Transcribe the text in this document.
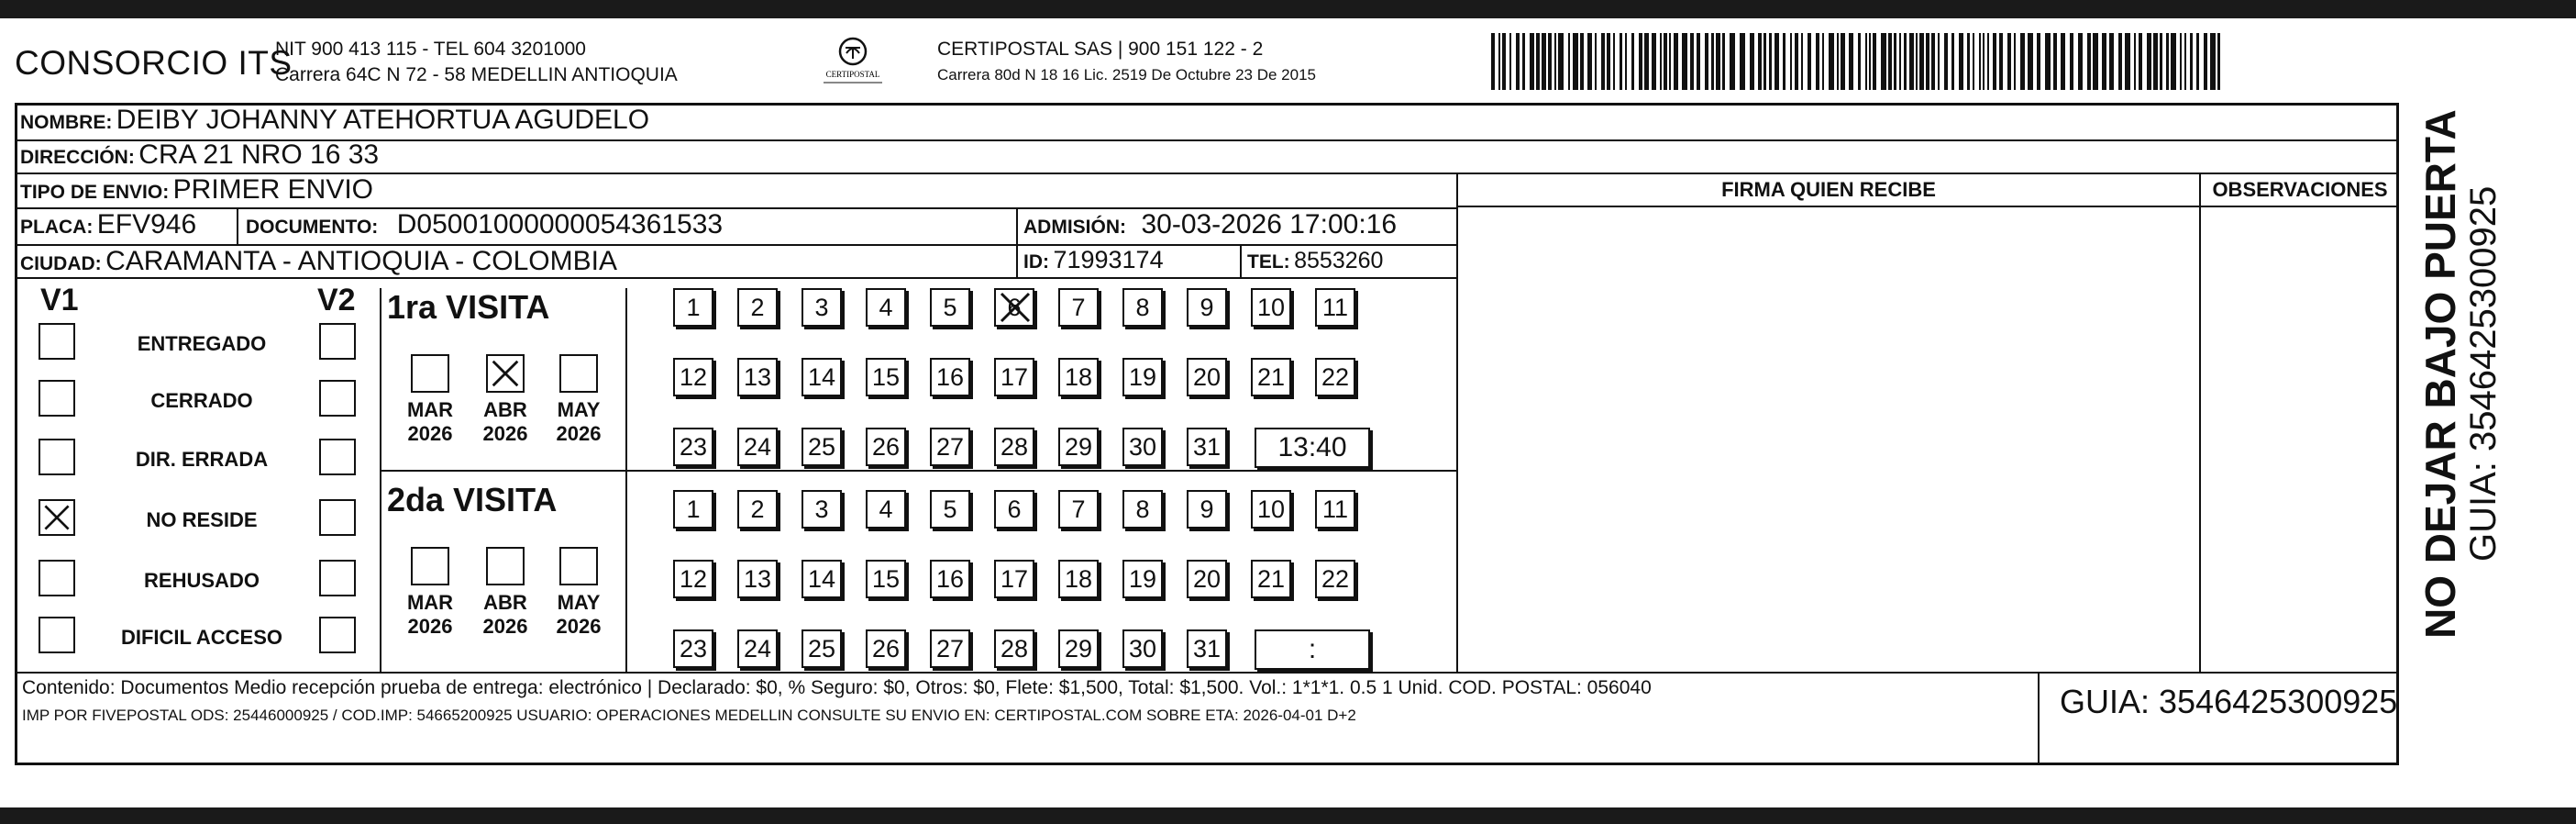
CONSORCIO ITS
NIT 900 413 115 - TEL 604 3201000
Carrera 64C N 72 - 58 MEDELLIN ANTIOQUIA	CERTIPOSTAL
CERTIPOSTAL SAS | 900 151 122 - 2
Carrera 80d N 18 16 Lic. 2519 De Octubre 23 De 2015
NOMBRE: DEIBY JOHANNY ATEHORTUA AGUDELO
DIRECCIÓN: CRA 21 NRO 16 33
TIPO DE ENVIO: PRIMER ENVIO
PLACA: EFV946	DOCUMENTO: D05001000000054361533	ADMISIÓN: 30-03-2026 17:00:16
CIUDAD: CARAMANTA - ANTIOQUIA - COLOMBIA	ID: 71993174	TEL: 8553260
FIRMA QUIEN RECIBE	OBSERVACIONES
V1	V2
ENTREGADO
CERRADO
DIR. ERRADA
NO RESIDE
REHUSADO
DIFICIL ACCESO
1ra VISITA
2da VISITA
MAR
2026
ABR
2026
MAY
2026
MAR
2026
ABR
2026
MAY
2026
1	2	3	4	5	6	7	8	9	10 11
12 13 14 15 16 17 18 19 20 21 22
23 24 25 26 27 28 29 30 31	13:40
1	2	3	4	5	6	7	8	9	10 11
12 13 14 15 16 17 18 19 20 21 22
23 24 25 26 27 28 29 30 31	:
Contenido: Documentos Medio recepción prueba de entrega: electrónico | Declarado: $0, % Seguro: $0, Otros: $0, Flete: $1,500, Total: $1,500. Vol.: 1*1*1. 0.5 1 Unid. COD. POSTAL: 056040
IMP POR FIVEPOSTAL ODS: 25446000925 / COD.IMP: 54665200925 USUARIO: OPERACIONES MEDELLIN CONSULTE SU ENVIO EN: CERTIPOSTAL.COM SOBRE ETA: 2026-04-01 D+2	GUIA: 3546425300925
NO DEJAR BAJO PUERTA GUIA: 3546425300925
